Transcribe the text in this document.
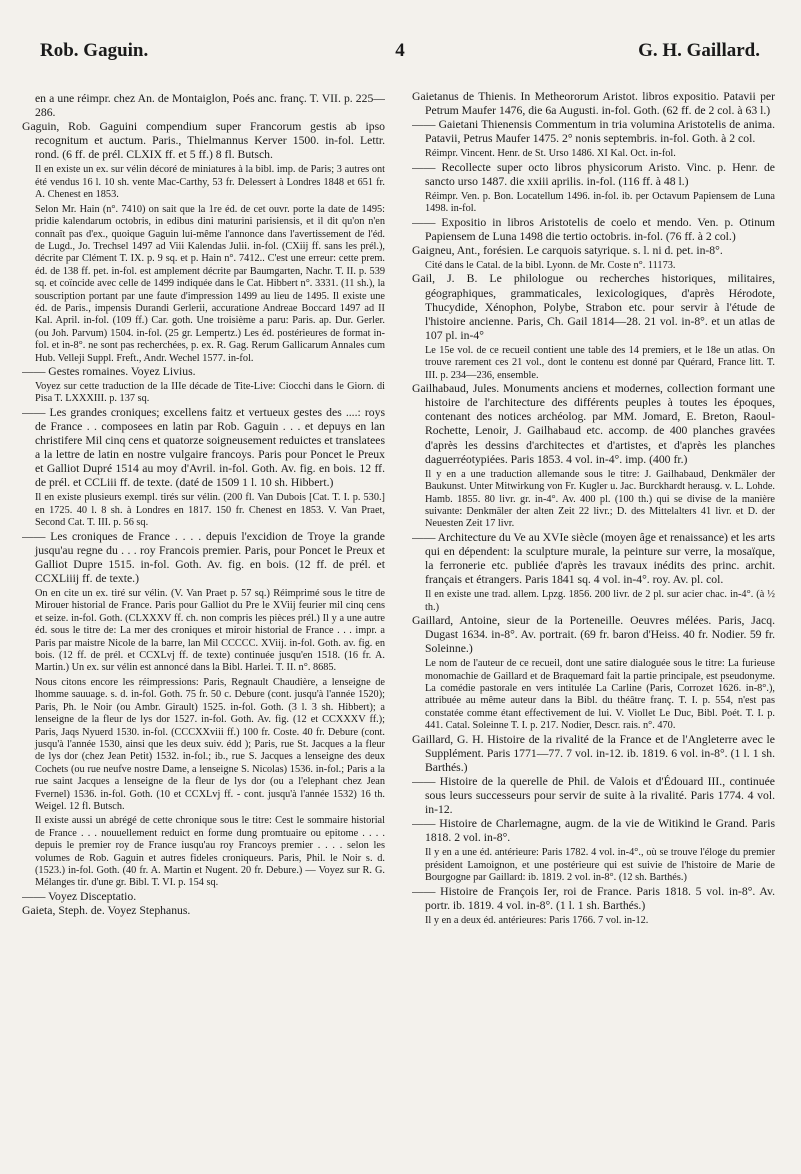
Rob. Gaguin.	4	G. H. Gaillard.

en a une réimpr. chez An. de Montaiglon, Poés anc. franç. T. VII. p. 225—286.

Gaguin, Rob. Gaguini compendium super Francorum gestis ab ipso recognitum et auctum. Paris., Thielmannus Kerver 1500. in-fol. Lettr. rond. (6 ff. de prél. CLXIX ff. et 5 ff.) 8 fl. Butsch.

Il en existe un ex. sur vélin décoré de miniatures à la bibl. imp. de Paris; 3 autres ont été vendus 16 l. 10 sh. vente Mac-Carthy, 53 fr. Delessert à Londres 1848 et 651 fr. A. Chenest en 1853.

Selon Mr. Hain (n°. 7410) on sait que la 1re éd. de cet ouvr. porte la date de 1495: pridie kalendarum octobris, in edibus dini maturini parisiensis, et il dit qu'on n'en connaît pas d'ex., quoique Gaguin lui-même l'annonce dans l'avertissement de l'éd. de Lugd., Jo. Trechsel 1497 ad Viii Kalendas Julii. in-fol. (CXiij ff. sans les prél.), décrite par Clément T. IX. p. 9 sq. et p. Hain n°. 7412.. C'est une erreur: cette prem. éd. de 138 ff. pet. in-fol. est amplement décrite par Baumgarten, Nachr. T. II. p. 539 sq. et coïncide avec celle de 1499 indiquée dans le Cat. Hibbert n°. 3331. (11 sh.), la souscription portant par une faute d'impression 1499 au lieu de 1495. Il existe une éd. de Paris., impensis Durandi Gerlerii, accuratione Andreae Boccard 1497 ad II Kal. April. in-fol. (109 ff.) Car. goth. Une troisième a paru: Paris. ap. Dur. Gerler. (ou Joh. Parvum) 1504. in-fol. (25 gr. Lempertz.) Les éd. postérieures de format in-fol. et in-8°. ne sont pas recherchées, p. ex. R. Gag. Rerum Gallicarum Annales cum Hub. Velleji Suppl. Freft., Andr. Wechel 1577. in-fol.

—— Gestes romaines. Voyez Livius.

Voyez sur cette traduction de la IIIe décade de Tite-Live: Ciocchi dans le Giorn. di Pisa T. LXXXIII. p. 137 sq.

—— Les grandes croniques; excellens faitz et vertueux gestes des ....: roys de France . . composees en latin par Rob. Gaguin . . . et depuys en lan christifere Mil cinq cens et quatorze soigneusement reduictes et translatees a la lettre de latin en nostre vulgaire francoys. Paris pour Poncet le Preux et Galliot Dupré 1514 au moy d'Avril. in-fol. Goth. Av. fig. en bois. 12 ff. de prél. et CCLiii ff. de texte. (daté de 1509 1 l. 10 sh. Hibbert.)

Il en existe plusieurs exempl. tirés sur vélin. (200 fl. Van Dubois [Cat. T. I. p. 530.] en 1725. 40 l. 8 sh. à Londres en 1817. 150 fr. Chenest en 1853. V. Van Praet, Second Cat. T. III. p. 56 sq.

—— Les croniques de France . . . . depuis l'excidion de Troye la grande jusqu'au regne du . . . roy Francois premier. Paris, pour Poncet le Preux et Galliot Dupre 1515. in-fol. Goth. Av. fig. en bois. (12 ff. de prél. et CCXLiiij ff. de texte.)

On en cite un ex. tiré sur vélin. (V. Van Praet p. 57 sq.) Réimprimé sous le titre de Mirouer historial de France. Paris pour Galliot du Pre le XViij feurier mil cinq cens et seize. in-fol. Goth. (CLXXXV ff. ch. non compris les pièces prél.) Il y a une autre éd. sous le titre de: La mer des croniques et miroir historial de France . . . impr. a Paris par maistre Nicole de la barre, lan Mil CCCCC. XViij. in-fol. Goth. av. fig. en bois. (12 ff. de prél. et CCXLvj ff. de texte) continuée jusqu'en 1518. (16 fr. A. Martin.) Un ex. sur vélin est annoncé dans la Bibl. Harlei. T. II. n°. 8685.

Nous citons encore les réimpressions: Paris, Regnault Chaudière, a lenseigne de lhomme sauuage. s. d. in-fol. Goth. 75 fr. 50 c. Debure (cont. jusqu'à l'année 1520); Paris, Ph. le Noir (ou Ambr. Girault) 1525. in-fol. Goth. (3 l. 3 sh. Hibbert); a lenseigne de la fleur de lys dor 1527. in-fol. Goth. Av. fig. (12 et CCXXXV ff.); Paris, Jaqs Nyuerd 1530. in-fol. (CCCXXviii ff.) 100 fr. Coste. 40 fr. Debure (cont. jusqu'à l'année 1530, ainsi que les deux suiv. édd ); Paris, rue St. Jacques a la fleur de lys dor (chez Jean Petit) 1532. in-fol.; ib., rue S. Jacques a lenseigne des deux Cochets (ou rue neufve nostre Dame, a lenseigne S. Nicolas) 1536. in-fol.; Paris a la rue saint Jacques a lenseigne de la fleur de lys dor (ou a l'elephant chez Jean Fvernel) 1536. in-fol. Goth. (10 et CCXLvj ff. - cont. jusqu'à l'année 1532) 16 th. Weigel. 12 fl. Butsch.

Il existe aussi un abrégé de cette chronique sous le titre: Cest le sommaire historial de France . . . nouuellement reduict en forme dung promtuaire ou epitome . . . . depuis le premier roy de France iusqu'au roy Francoys premier . . . . selon les volumes de Rob. Gaguin et autres fideles croniqueurs. Paris, Phil. le Noir s. d. (1523.) in-fol. Goth. (40 fr. A. Martin et Nugent. 20 fr. Debure.) — Voyez sur R. G. Mélanges tir. d'une gr. Bibl. T. VI. p. 154 sq.

—— Voyez Disceptatio.

Gaieta, Steph. de. Voyez Stephanus.

Gaietanus de Thienis. In Metheororum Aristot. libros expositio. Patavii per Petrum Maufer 1476, die 6a Augusti. in-fol. Goth. (62 ff. de 2 col. à 63 l.)

—— Gaietani Thienensis Commentum in tria volumina Aristotelis de anima. Patavii, Petrus Maufer 1475. 2° nonis septembris. in-fol. Goth. à 2 col.

Réimpr. Vincent. Henr. de St. Urso 1486. XI Kal. Oct. in-fol.

—— Recollecte super octo libros physicorum Aristo. Vinc. p. Henr. de sancto urso 1487. die xxiii aprilis. in-fol. (116 ff. à 48 l.)

Réimpr. Ven. p. Bon. Locatellum 1496. in-fol. ib. per Octavum Papiensem de Luna 1498. in-fol.

—— Expositio in libros Aristotelis de coelo et mendo. Ven. p. Otinum Papiensem de Luna 1498 die tertio octobris. in-fol. (76 ff. à 2 col.)

Gaigneu, Ant., forésien. Le carquois satyrique. s. l. ni d. pet. in-8°.

Cité dans le Catal. de la bibl. Lyonn. de Mr. Coste n°. 11173.

Gail, J. B. Le philologue ou recherches historiques, militaires, géographiques, grammaticales, lexicologiques, d'après Hérodote, Thucydide, Xénophon, Polybe, Strabon etc. pour servir à l'étude de l'histoire ancienne. Paris, Ch. Gail 1814—28. 21 vol. in-8°. et un atlas de 107 pl. in-4°

Le 15e vol. de ce recueil contient une table des 14 premiers, et le 18e un atlas. On trouve rarement ces 21 vol., dont le contenu est donné par Quérard, France litt. T. III. p. 234—236, ensemble.

Gailhabaud, Jules. Monuments anciens et modernes, collection formant une histoire de l'architecture des différents peuples à toutes les époques, contenant des notices archéolog. par MM. Jomard, E. Breton, Raoul-Rochette, Lenoir, J. Gailhabaud etc. accomp. de 400 planches gravées d'après les dessins d'architectes et d'artistes, et d'après les planches daguerréotypiées. Paris 1853. 4 vol. in-4°. imp. (400 fr.)

Il y en a une traduction allemande sous le titre: J. Gailhabaud, Denkmäler der Baukunst. Unter Mitwirkung von Fr. Kugler u. Jac. Burckhardt herausg. v. L. Lohde. Hamb. 1855. 80 livr. gr. in-4°. Av. 400 pl. (100 th.) qui se divise de la manière suivante: Denkmäler der alten Zeit 22 livr.; D. des Mittelalters 41 livr. et D. der Neuesten Zeit 17 livr.

—— Architecture du Ve au XVIe siècle (moyen âge et renaissance) et les arts qui en dépendent: la sculpture murale, la peinture sur verre, la mosaïque, la ferronerie etc. publiée d'après les travaux inédits des princ. archit. français et étrangers. Paris 1841 sq. 4 vol. in-4°. roy. Av. pl. col.

Il en existe une trad. allem. Lpzg. 1856. 200 livr. de 2 pl. sur acier chac. in-4°. (à ½ th.)

Gaillard, Antoine, sieur de la Porteneille. Oeuvres mélées. Paris, Jacq. Dugast 1634. in-8°. Av. portrait. (69 fr. baron d'Heiss. 40 fr. Nodier. 59 fr. Soleinne.)

Le nom de l'auteur de ce recueil, dont une satire dialoguée sous le titre: La furieuse monomachie de Gaillard et de Braquemard fait la partie principale, est pseudonyme. La comédie pastorale en vers intitulée La Carline (Paris, Corrozet 1626. in-8°.), attribuée au même auteur dans la Bibl. du théâtre franç. T. I. p. 554, n'est pas constatée comme étant effectivement de lui. V. Viollet Le Duc, Bibl. Poét. T. I. p. 441. Catal. Soleinne T. I. p. 217. Nodier, Descr. rais. n°. 470.

Gaillard, G. H. Histoire de la rivalité de la France et de l'Angleterre avec le Supplément. Paris 1771—77. 7 vol. in-12. ib. 1819. 6 vol. in-8°. (1 l. 1 sh. Barthés.)

—— Histoire de la querelle de Phil. de Valois et d'Édouard III., continuée sous leurs successeurs pour servir de suite à la rivalité. Paris 1774. 4 vol. in-12.

—— Histoire de Charlemagne, augm. de la vie de Witikind le Grand. Paris 1818. 2 vol. in-8°.

Il y en a une éd. antérieure: Paris 1782. 4 vol. in-4°., où se trouve l'éloge du premier président Lamoignon, et une postérieure qui est suivie de l'histoire de Marie de Bourgogne par Gaillard: ib. 1819. 2 vol. in-8°. (12 sh. Barthés.)

—— Histoire de François Ier, roi de France. Paris 1818. 5 vol. in-8°. Av. portr. ib. 1819. 4 vol. in-8°. (1 l. 1 sh. Barthés.)

Il y en a deux éd. antérieures: Paris 1766. 7 vol. in-12.
